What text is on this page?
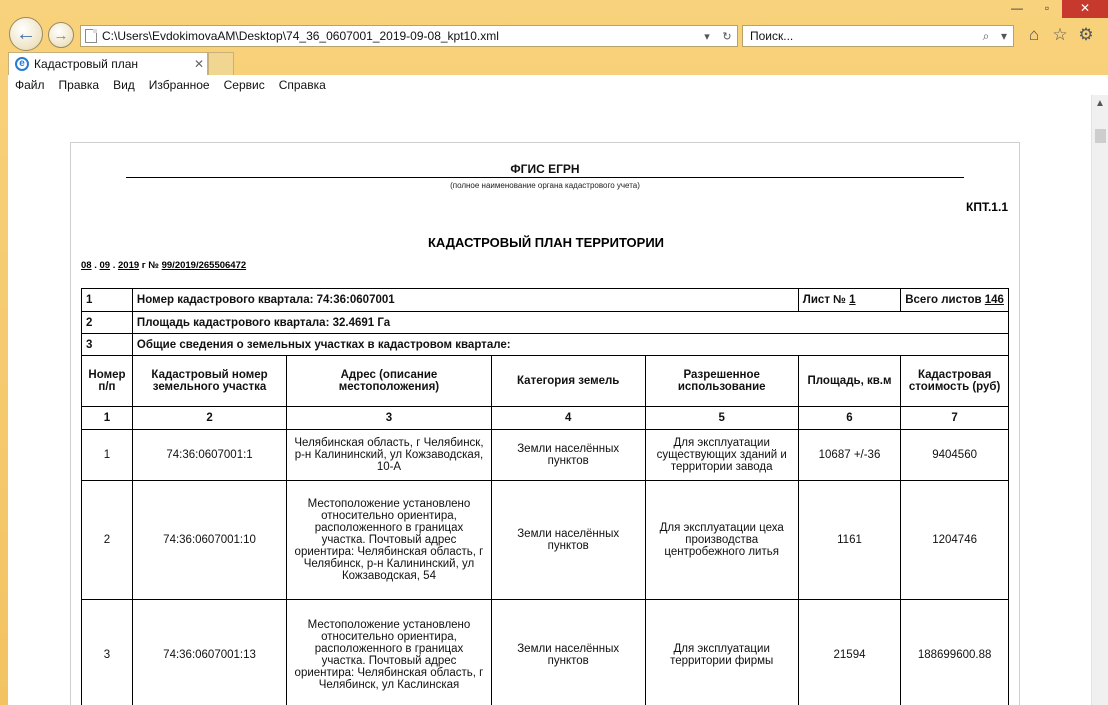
—	▫	✕
← →	C:\Users\EvdokimovaAM\Desktop\74_36_0607001_2019-09-08_kpt10.xml	▾	↻	Поиск...	⌕ ▾	⌂ ☆ ⚙
e Кадастровый план	✕
Файл	Правка	Вид	Избранное	Сервис	Справка
ФГИС ЕГРН
(полное наименование органа кадастрового учета)
КПТ.1.1
КАДАСТРОВЫЙ ПЛАН ТЕРРИТОРИИ
08 . 09 . 2019 г № 99/2019/265506472
1	Номер кадастрового квартала: 74:36:0607001				Лист № 1	Всего листов 146
2	Площадь кадастрового квартала: 32.4691 Га					
3	Общие сведения о земельных участках в кадастровом квартале:					
Номер п/п	Кадастровый номер земельного участка	Адрес (описание местоположения)	Категория земель	Разрешенное использование	Площадь, кв.м	Кадастровая стоимость (руб)
1	2	3	4	5	6	7
1	74:36:0607001:1	Челябинская область, г Челябинск, р-н Калининский, ул Кожзаводская, 10-А	Земли населённых пунктов	Для эксплуатации существующих зданий и территории завода	10687 +/-36	9404560
2	74:36:0607001:10	Местоположение установлено относительно ориентира, расположенного в границах участка. Почтовый адрес ориентира: Челябинская область, г Челябинск, р-н Калининский, ул Кожзаводская, 54	Земли населённых пунктов	Для эксплуатации цеха производства центробежного литья	1161	1204746
3	74:36:0607001:13	Местоположение установлено относительно ориентира, расположенного в границах участка. Почтовый адрес ориентира: Челябинская область, г Челябинск, ул Каслинская	Земли населённых пунктов	Для эксплуатации территории фирмы	21594	188699600.88
▲
